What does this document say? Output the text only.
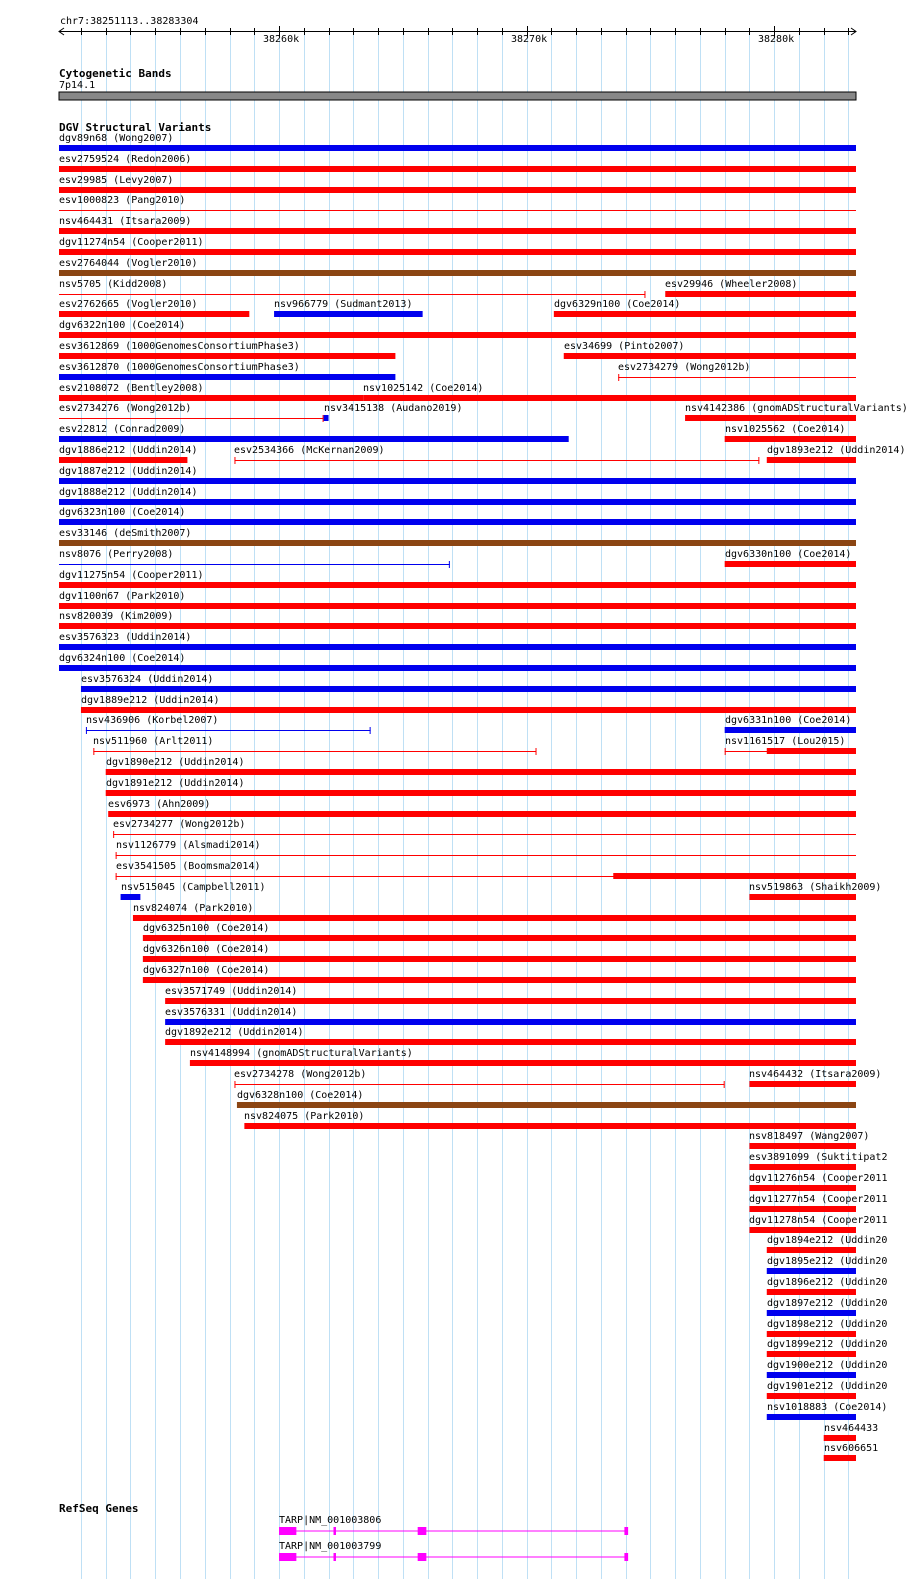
chr7:38251113..38283304
38260k	38270k	38280k
Cytogenetic Bands
7p14.1
DGV Structural Variants
dgv89n68 (Wong2007)
esv2759524 (Redon2006)
esv29985 (Levy2007)
esv1000823 (Pang2010)
nsv464431 (Itsara2009)
dgv11274n54 (Cooper2011)
esv2764044 (Vogler2010)
nsv5705 (Kidd2008)	esv29946 (Wheeler2008)
esv2762665 (Vogler2010)	nsv966779 (Sudmant2013)	dgv6329n100 (Coe2014)
dgv6322n100 (Coe2014)
esv3612869 (1000GenomesConsortiumPhase3)	esv34699 (Pinto2007)
esv3612870 (1000GenomesConsortiumPhase3)	esv2734279 (Wong2012b)
esv2108072 (Bentley2008)	nsv1025142 (Coe2014)
esv2734276 (Wong2012b)	nsv3415138 (Audano2019)	nsv4142386 (gnomADStructuralVariants)
esv22812 (Conrad2009)	nsv1025562 (Coe2014)
dgv1886e212 (Uddin2014)	esv2534366 (McKernan2009)	dgv1893e212 (Uddin2014)
dgv1887e212 (Uddin2014)
dgv1888e212 (Uddin2014)
dgv6323n100 (Coe2014)
esv33146 (deSmith2007)
nsv8076 (Perry2008)	dgv6330n100 (Coe2014)
dgv11275n54 (Cooper2011)
dgv1100n67 (Park2010)
nsv820039 (Kim2009)
esv3576323 (Uddin2014)
dgv6324n100 (Coe2014)
esv3576324 (Uddin2014)
dgv1889e212 (Uddin2014)
nsv436906 (Korbel2007)	dgv6331n100 (Coe2014)
nsv511960 (Arlt2011)	nsv1161517 (Lou2015)
dgv1890e212 (Uddin2014)
dgv1891e212 (Uddin2014)
esv6973 (Ahn2009)
esv2734277 (Wong2012b)
nsv1126779 (Alsmadi2014)
esv3541505 (Boomsma2014)
nsv515045 (Campbell2011)	nsv519863 (Shaikh2009)
nsv824074 (Park2010)
dgv6325n100 (Coe2014)
dgv6326n100 (Coe2014)
dgv6327n100 (Coe2014)
esv3571749 (Uddin2014)
esv3576331 (Uddin2014)
dgv1892e212 (Uddin2014)
nsv4148994 (gnomADStructuralVariants)
esv2734278 (Wong2012b)	nsv464432 (Itsara2009)
dgv6328n100 (Coe2014)
nsv824075 (Park2010)
nsv818497 (Wang2007)
esv3891099 (Suktitipat2
dgv11276n54 (Cooper2011
dgv11277n54 (Cooper2011
dgv11278n54 (Cooper2011
dgv1894e212 (Uddin20
dgv1895e212 (Uddin20
dgv1896e212 (Uddin20
dgv1897e212 (Uddin20
dgv1898e212 (Uddin20
dgv1899e212 (Uddin20
dgv1900e212 (Uddin20
dgv1901e212 (Uddin20
nsv1018883 (Coe2014)
nsv464433
nsv606651
RefSeq Genes
TARP|NM_001003806
TARP|NM_001003799
